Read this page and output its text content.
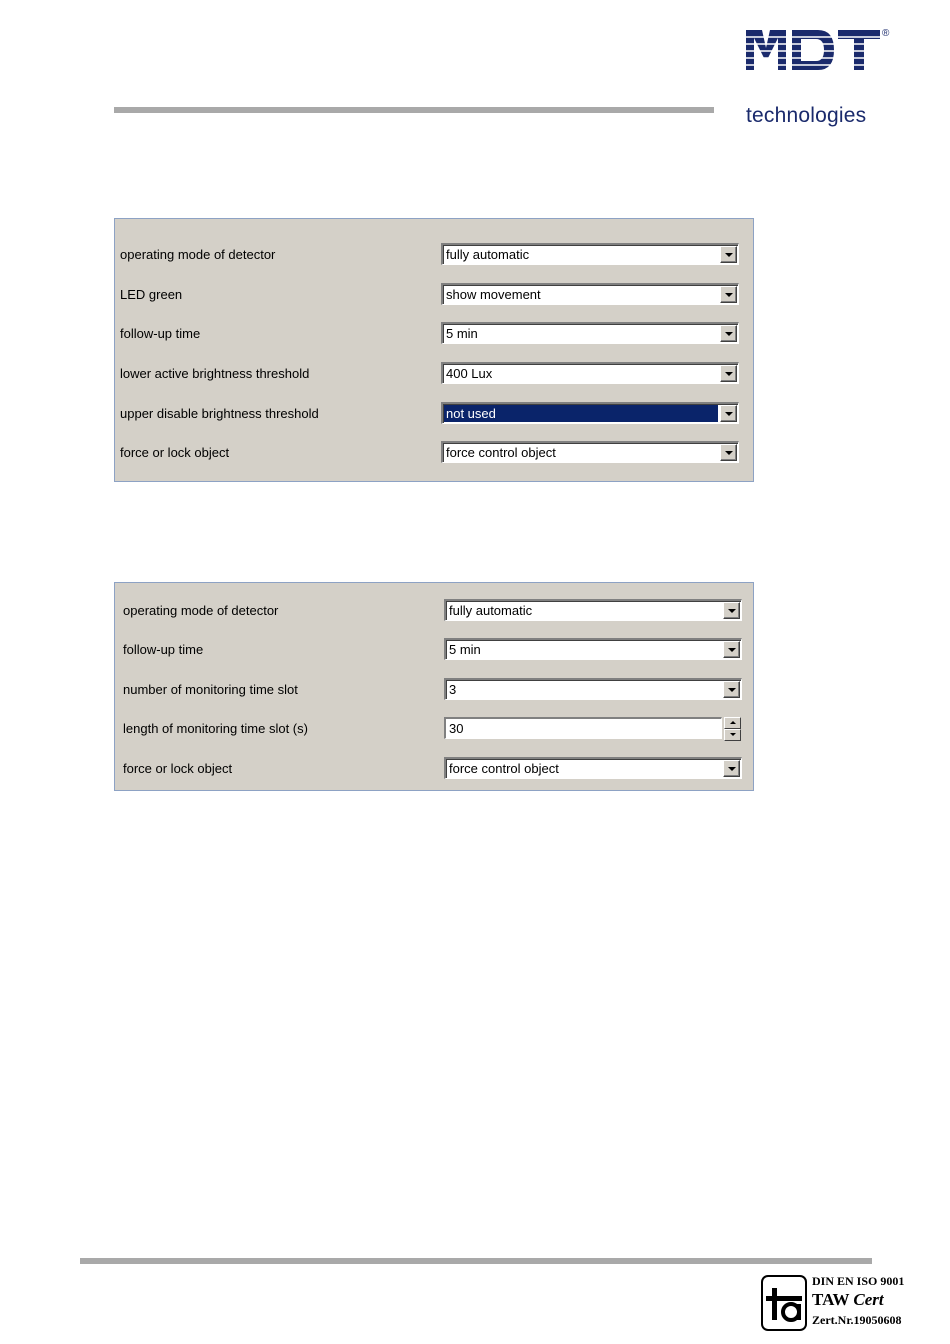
®
technologies
operating mode of detector	fully automatic
LED green	show movement
follow-up time	5 min
lower active brightness threshold	400 Lux
upper disable brightness threshold	not used
force or lock object	force control object
operating mode of detector	fully automatic
follow-up time	5 min
number of monitoring time slot	3
length of monitoring time slot (s)	30
force or lock object	force control object
DIN EN ISO 9001
TAW Cert
Zert.Nr.19050608
